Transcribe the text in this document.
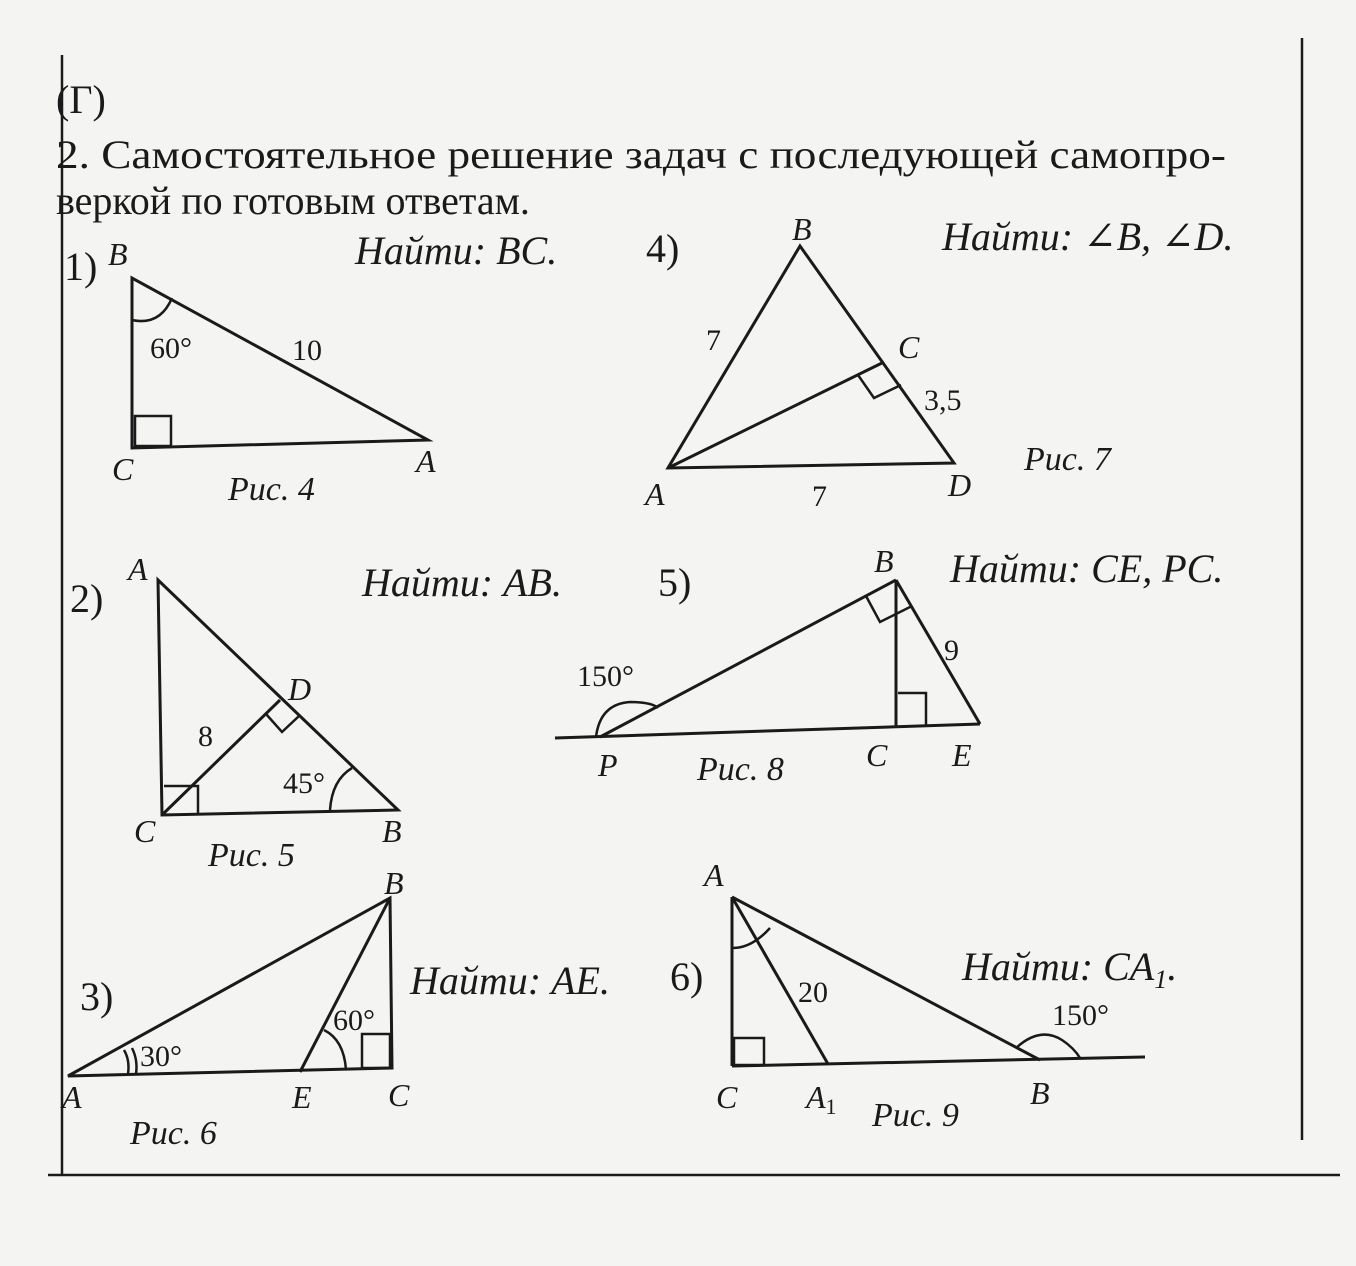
(Г)
2. Самостоятельное решение задач с последующей самопро-
веркой по готовым ответам.
1)	Найти: BC.
60°	10
B
C	A
Рис. 4
2)	Найти: AB.
45°
8
A
D
C	B
Рис. 5
3)	Найти: AE.
30°
60°
B
A	E C
Рис. 6
4)	Найти: ∠B, ∠D.
7
3,5
7
B
C
A	D
Рис. 7
5)	Найти: CE, PC.
150°
9
B
P	C E
Рис. 8
6)	Найти: $CA_1$.
150°
20
A
C A1	B
Рис. 9
